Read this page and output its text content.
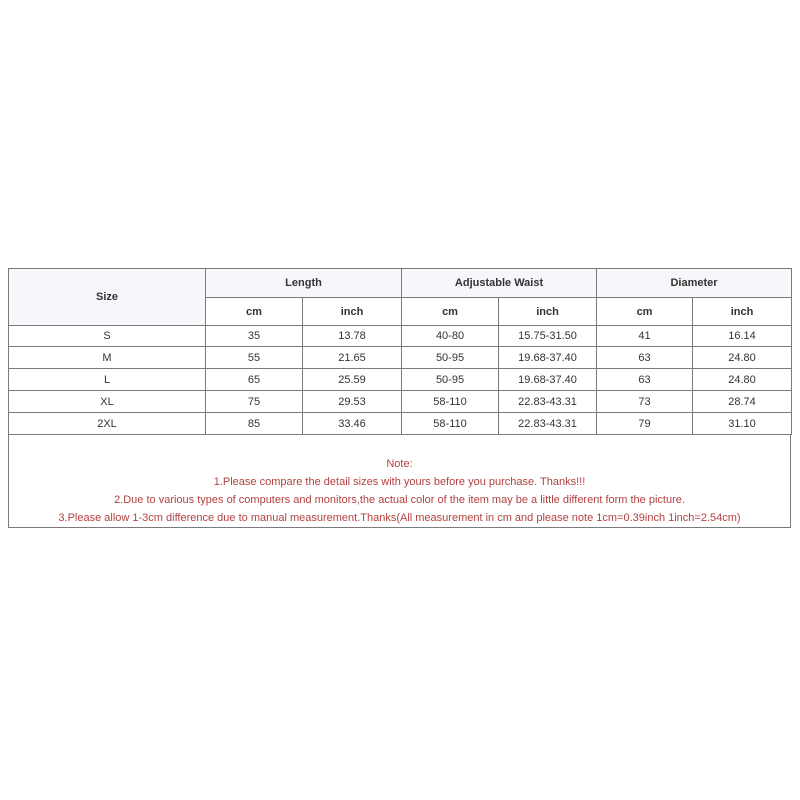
Size	Length		Adjustable Waist		Diameter	
	cm	inch	cm	inch	cm	inch
S	35	13.78	40-80	15.75-31.50	41	16.14
M	55	21.65	50-95	19.68-37.40	63	24.80
L	65	25.59	50-95	19.68-37.40	63	24.80
XL	75	29.53	58-110	22.83-43.31	73	28.74
2XL	85	33.46	58-110	22.83-43.31	79	31.10
Note:
1.Please compare the detail sizes with yours before you purchase. Thanks!!!
2.Due to various types of computers and monitors,the actual color of the item may be a little different form the picture.
3.Please allow 1-3cm difference due to manual measurement.Thanks(All measurement in cm and please note 1cm=0.39inch 1inch=2.54cm)
